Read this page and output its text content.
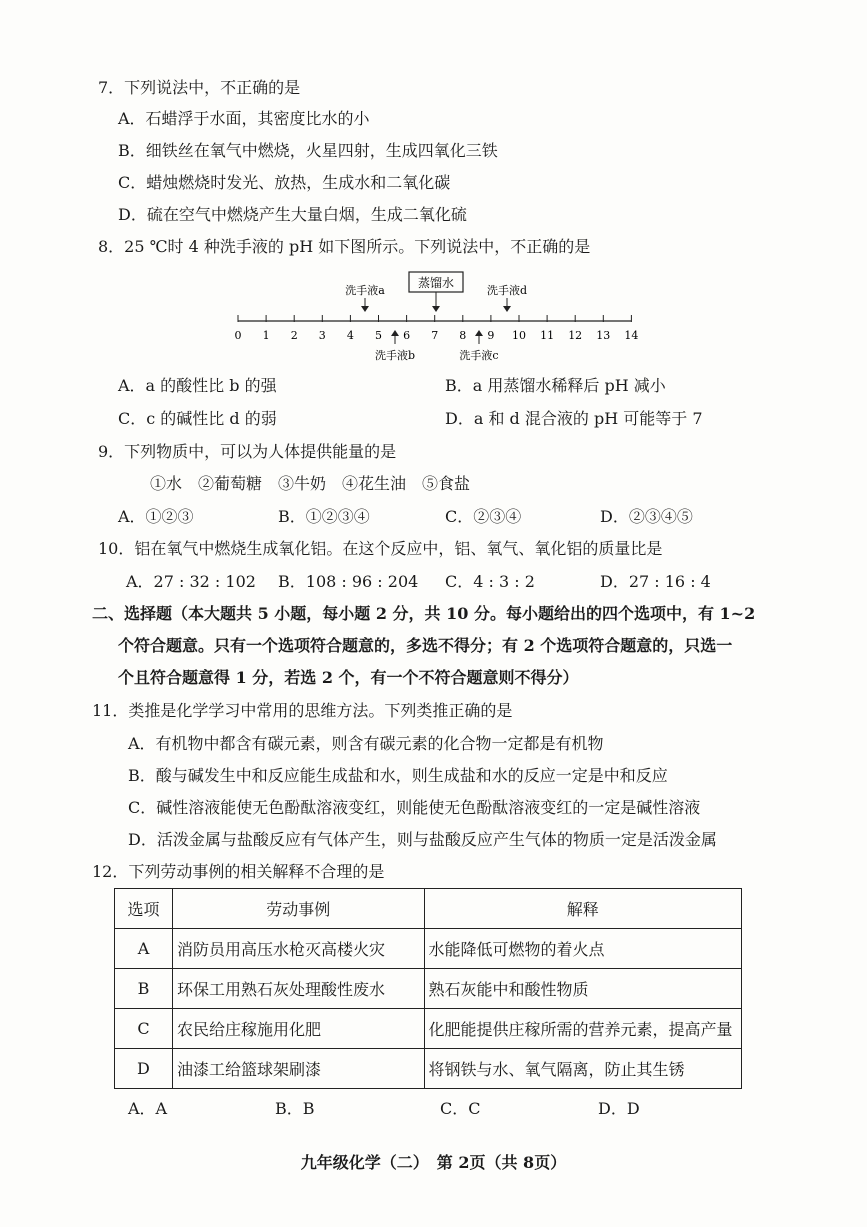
7．下列说法中，不正确的是
A．石蜡浮于水面，其密度比水的小
B．细铁丝在氧气中燃烧，火星四射，生成四氧化三铁
C．蜡烛燃烧时发光、放热，生成水和二氧化碳
D．硫在空气中燃烧产生大量白烟，生成二氧化硫
8．25 ℃时 4 种洗手液的 pH 如下图所示。下列说法中，不正确的是
蒸馏水
洗手液a	洗手液d
0 1 2 3 4 5 6 7 8 9 10 11 12 13 14
洗手液b	洗手液c
A．a 的酸性比 b 的强	B．a 用蒸馏水稀释后 pH 减小
C．c 的碱性比 d 的弱	D．a 和 d 混合液的 pH 可能等于 7
9．下列物质中，可以为人体提供能量的是
①水　②葡萄糖　③牛奶　④花生油　⑤食盐
A．①②③	B．①②③④	C．②③④	D．②③④⑤
10．铝在氧气中燃烧生成氧化铝。在这个反应中，铝、氧气、氧化铝的质量比是
A．27 : 32 : 102 B．108 : 96 : 204 C．4 : 3 : 2	D．27 : 16 : 4
二、选择题（本大题共 5 小题，每小题 2 分，共 10 分。每小题给出的四个选项中，有 1~2
个符合题意。只有一个选项符合题意的，多选不得分；有 2 个选项符合题意的，只选一
个且符合题意得 1 分，若选 2 个，有一个不符合题意则不得分）
11．类推是化学学习中常用的思维方法。下列类推正确的是
A．有机物中都含有碳元素，则含有碳元素的化合物一定都是有机物
B．酸与碱发生中和反应能生成盐和水，则生成盐和水的反应一定是中和反应
C．碱性溶液能使无色酚酞溶液变红，则能使无色酚酞溶液变红的一定是碱性溶液
D．活泼金属与盐酸反应有气体产生，则与盐酸反应产生气体的物质一定是活泼金属
12．下列劳动事例的相关解释不合理的是
选项	劳动事例	解释
A	消防员用高压水枪灭高楼火灾	水能降低可燃物的着火点
B	环保工用熟石灰处理酸性废水	熟石灰能中和酸性物质
C	农民给庄稼施用化肥	化肥能提供庄稼所需的营养元素，提高产量
D	油漆工给篮球架刷漆	将钢铁与水、氧气隔离，防止其生锈
A．A	B．B	C．C	D．D
九年级化学（二）　第 2页（共 8页）
